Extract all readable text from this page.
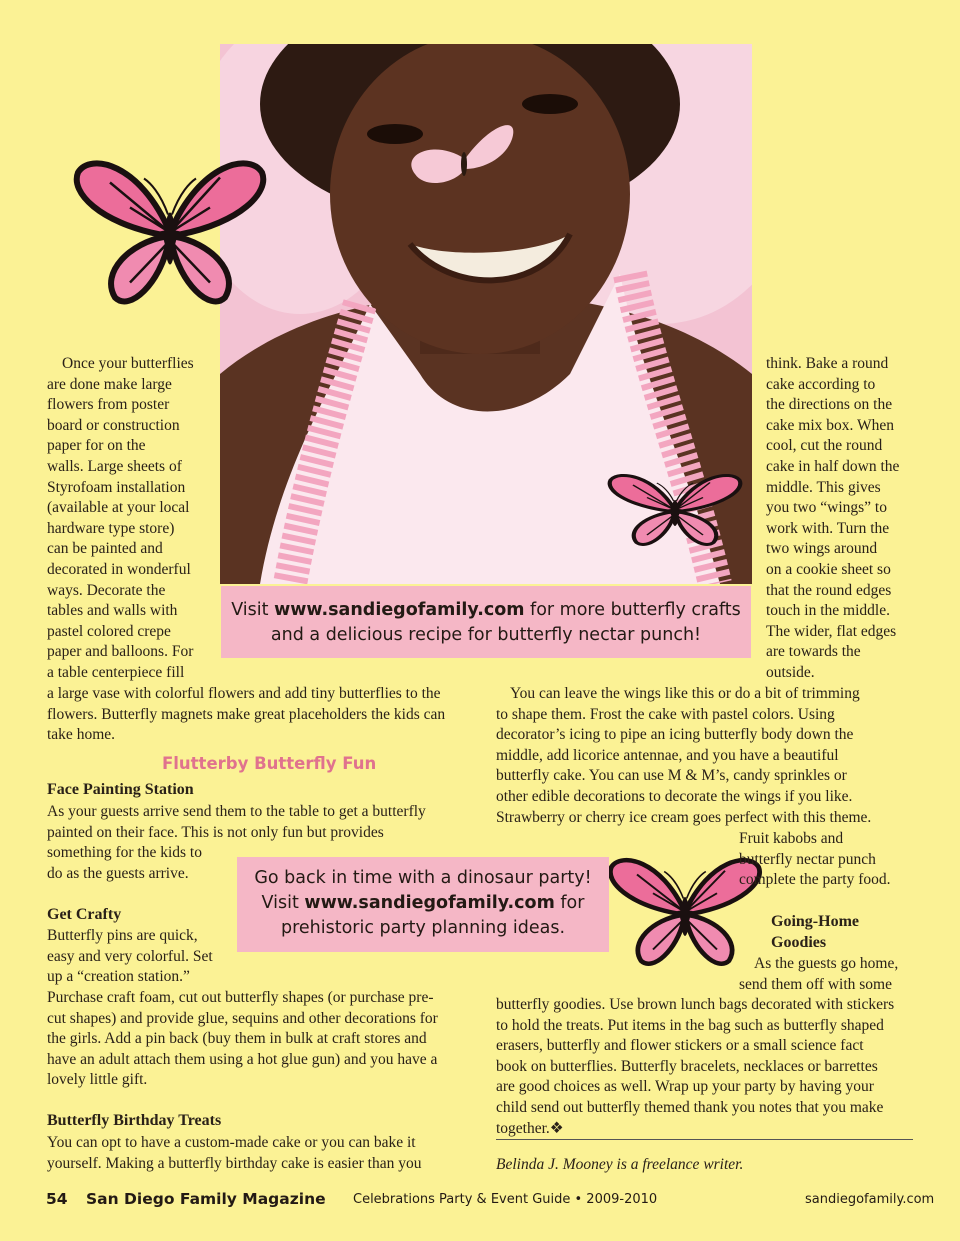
Visit www.sandiegofamily.com for more butterfly crafts
and a delicious recipe for butterfly nectar punch!
Go back in time with a dinosaur party!
Visit www.sandiegofamily.com for
prehistoric party planning ideas.
Once your butterflies
are done make large
flowers from poster
board or construction
paper for on the
walls. Large sheets of
Styrofoam installation
(available at your local
hardware type store)
can be painted and
decorated in wonderful
ways. Decorate the
tables and walls with
pastel colored crepe
paper and balloons. For
a table centerpiece fill
a large vase with colorful flowers and add tiny butterflies to the
flowers. Butterfly magnets make great placeholders the kids can
take home.
Flutterby Butterfly Fun
Face Painting Station
As your guests arrive send them to the table to get a butterfly
painted on their face. This is not only fun but provides
something for the kids to
do as the guests arrive.
Get Crafty
Butterfly pins are quick,
easy and very colorful. Set
up a “creation station.”
Purchase craft foam, cut out butterfly shapes (or purchase pre-
cut shapes) and provide glue, sequins and other decorations for
the girls. Add a pin back (buy them in bulk at craft stores and
have an adult attach them using a hot glue gun) and you have a
lovely little gift.
Butterfly Birthday Treats
You can opt to have a custom-made cake or you can bake it
yourself. Making a butterfly birthday cake is easier than you
think. Bake a round
cake according to
the directions on the
cake mix box. When
cool, cut the round
cake in half down the
middle. This gives
you two “wings” to
work with. Turn the
two wings around
on a cookie sheet so
that the round edges
touch in the middle.
The wider, flat edges
are towards the
outside.
You can leave the wings like this or do a bit of trimming
to shape them. Frost the cake with pastel colors. Using
decorator’s icing to pipe an icing butterfly body down the
middle, add licorice antennae, and you have a beautiful
butterfly cake. You can use M & M’s, candy sprinkles or
other edible decorations to decorate the wings if you like.
Strawberry or cherry ice cream goes perfect with this theme.
Fruit kabobs and
butterfly nectar punch
complete the party food.
Going-Home
Goodies
As the guests go home,
send them off with some
butterfly goodies. Use brown lunch bags decorated with stickers
to hold the treats. Put items in the bag such as butterfly shaped
erasers, butterfly and flower stickers or a small science fact
book on butterflies. Butterfly bracelets, necklaces or barrettes
are good choices as well. Wrap up your party by having your
child send out butterfly themed thank you notes that you make
together.❖
Belinda J. Mooney is a freelance writer.
54 San Diego Family Magazine Celebrations Party & Event Guide • 2009-2010	sandiegofamily.com
